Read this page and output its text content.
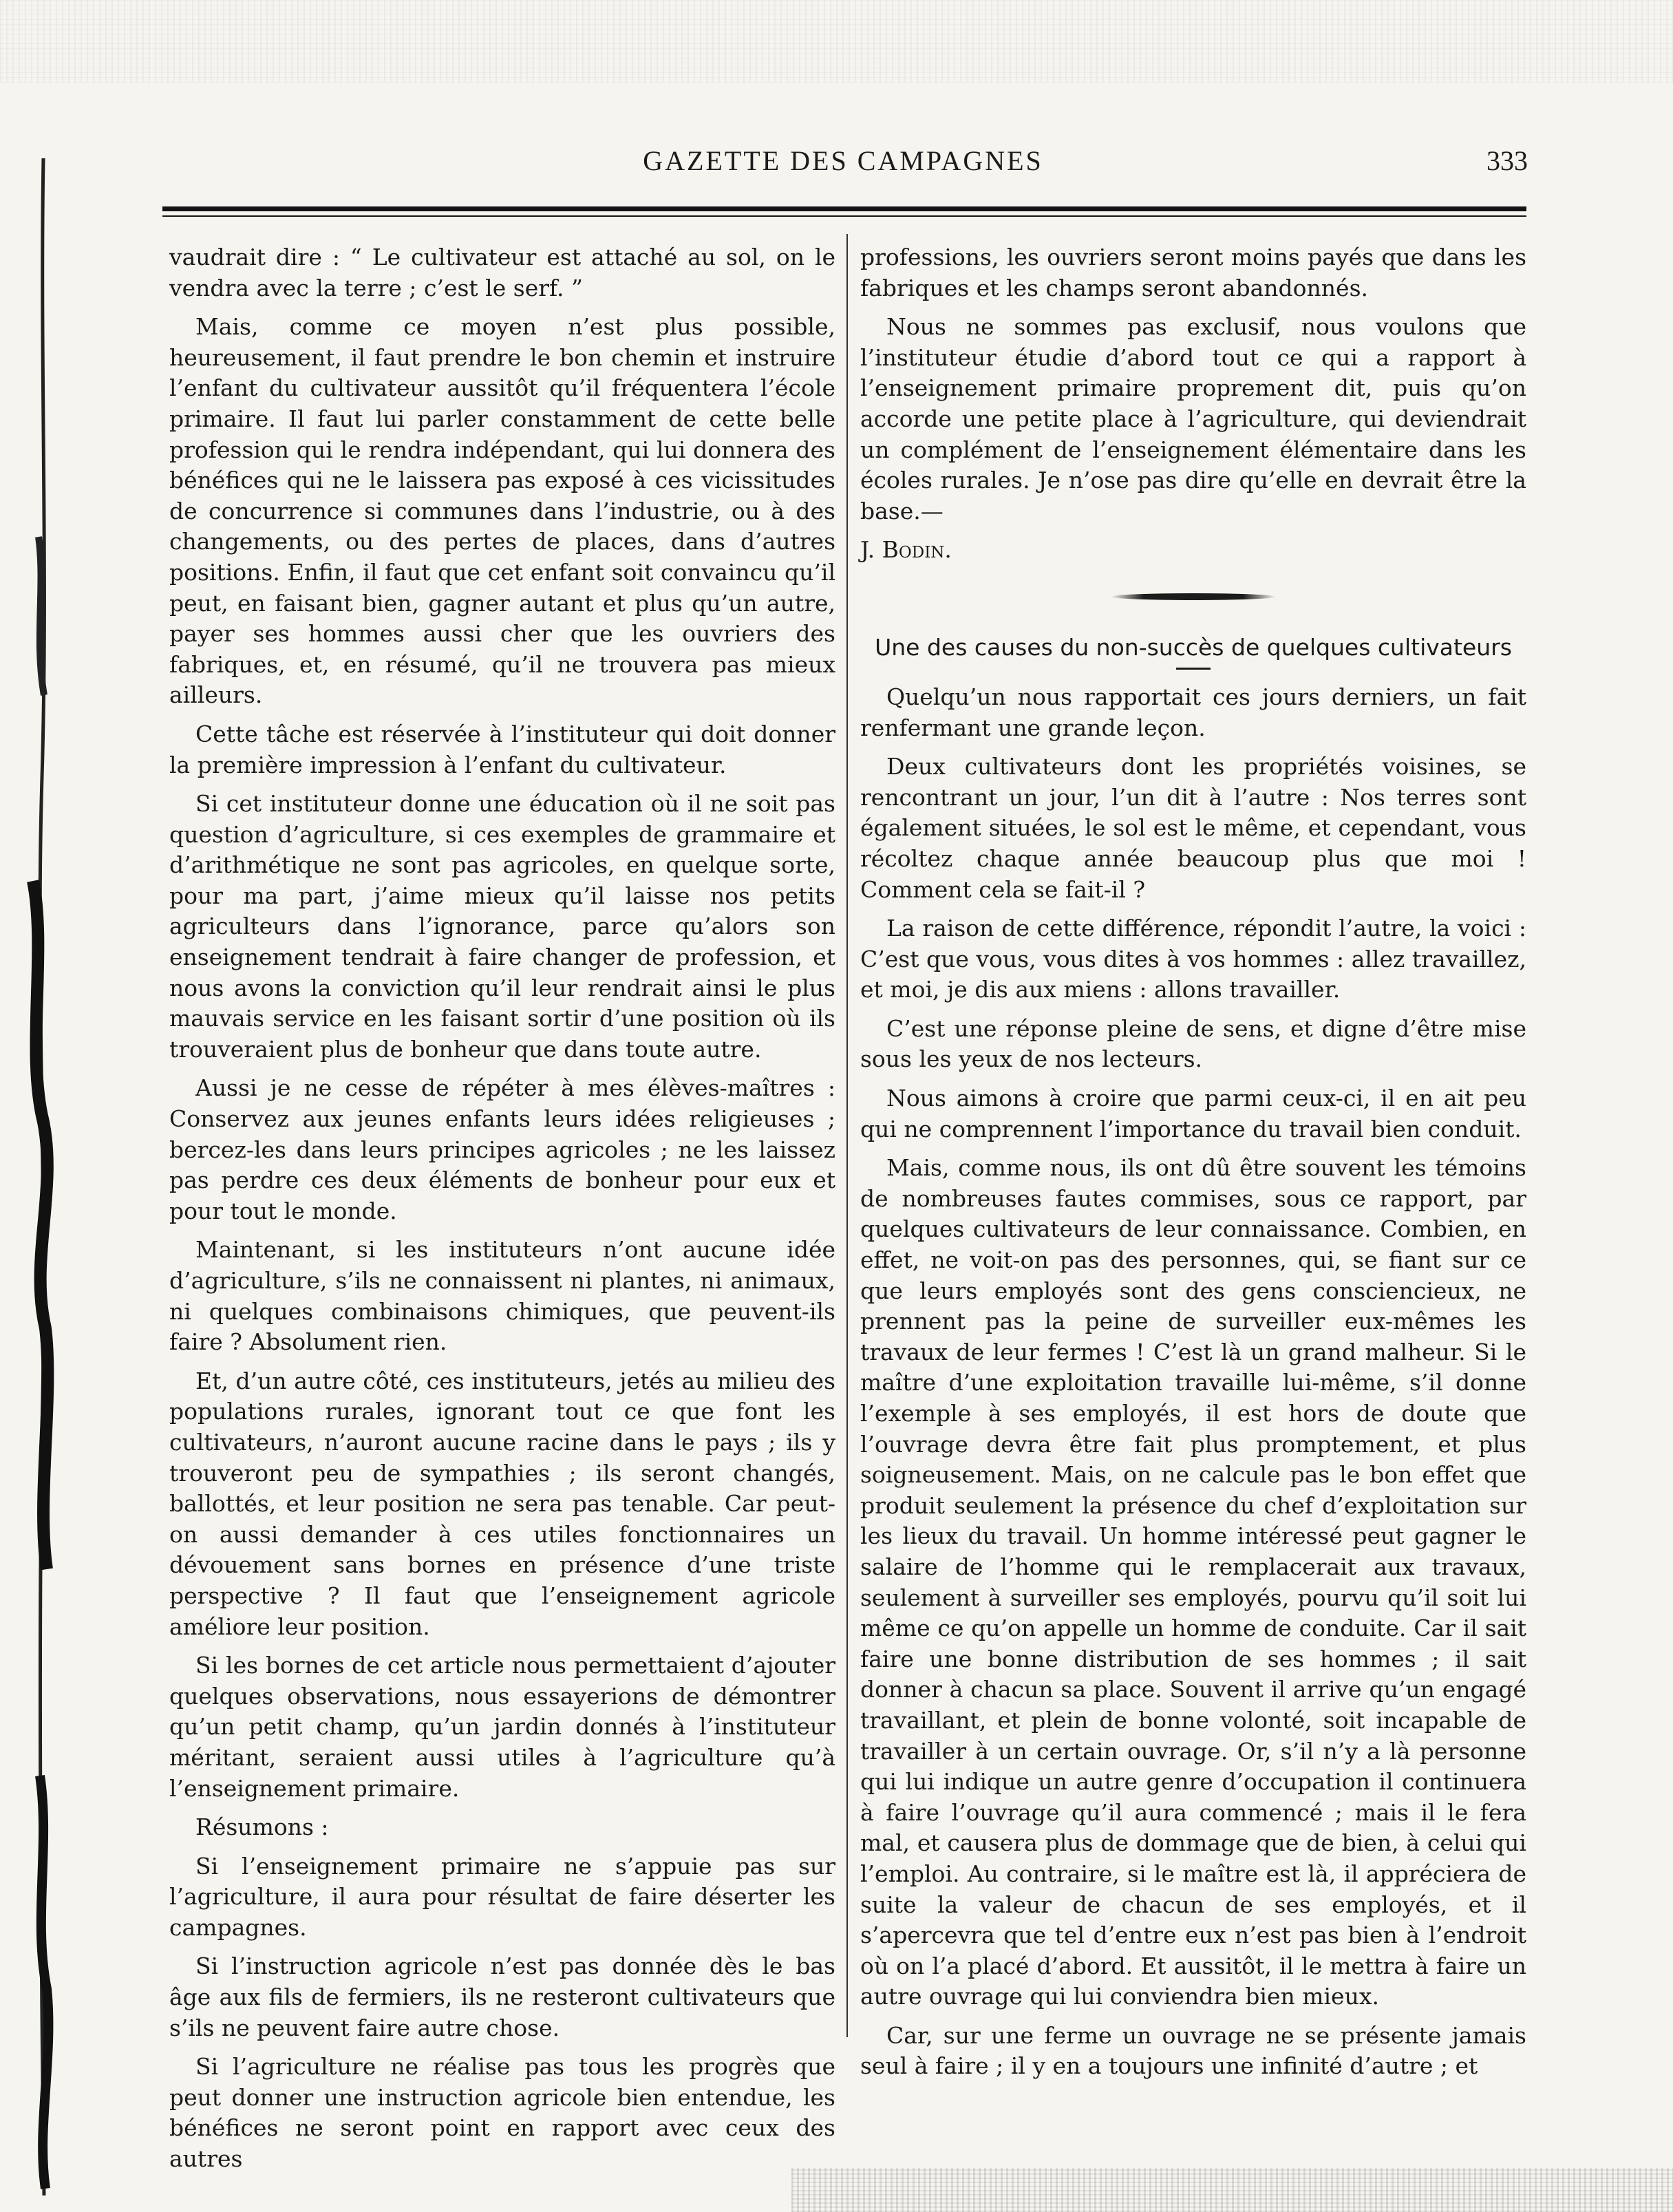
GAZETTE DES CAMPAGNES	333

vaudrait dire : “ Le cultivateur est attaché au sol, on le vendra avec la terre ; c’est le serf. ”

Mais, comme ce moyen n’est plus possible, heureusement, il faut prendre le bon chemin et instruire l’enfant du cultivateur aussitôt qu’il fréquentera l’école primaire. Il faut lui parler constamment de cette belle profession qui le rendra indépendant, qui lui donnera des bénéfices qui ne le laissera pas exposé à ces vicissitudes de concurrence si communes dans l’industrie, ou à des changements, ou des pertes de places, dans d’autres positions. Enfin, il faut que cet enfant soit convaincu qu’il peut, en faisant bien, gagner autant et plus qu’un autre, payer ses hommes aussi cher que les ouvriers des fabriques, et, en résumé, qu’il ne trouvera pas mieux ailleurs.

Cette tâche est réservée à l’instituteur qui doit donner la première impression à l’enfant du cultivateur.

Si cet instituteur donne une éducation où il ne soit pas question d’agriculture, si ces exemples de grammaire et d’arithmétique ne sont pas agricoles, en quelque sorte, pour ma part, j’aime mieux qu’il laisse nos petits agriculteurs dans l’ignorance, parce qu’alors son enseignement tendrait à faire changer de profession, et nous avons la conviction qu’il leur rendrait ainsi le plus mauvais service en les faisant sortir d’une position où ils trouveraient plus de bonheur que dans toute autre.

Aussi je ne cesse de répéter à mes élèves-maîtres : Conservez aux jeunes enfants leurs idées religieuses ; bercez-les dans leurs principes agricoles ; ne les laissez pas perdre ces deux éléments de bonheur pour eux et pour tout le monde.

Maintenant, si les instituteurs n’ont aucune idée d’agriculture, s’ils ne connaissent ni plantes, ni animaux, ni quelques combinaisons chimiques, que peuvent-ils faire ? Absolument rien.

Et, d’un autre côté, ces instituteurs, jetés au milieu des populations rurales, ignorant tout ce que font les cultivateurs, n’auront aucune racine dans le pays ; ils y trouveront peu de sympathies ; ils seront changés, ballottés, et leur position ne sera pas tenable. Car peut-on aussi demander à ces utiles fonctionnaires un dévouement sans bornes en présence d’une triste perspective ? Il faut que l’enseignement agricole améliore leur position.

Si les bornes de cet article nous permettaient d’ajouter quelques observations, nous essayerions de démontrer qu’un petit champ, qu’un jardin donnés à l’instituteur méritant, seraient aussi utiles à l’agriculture qu’à l’enseignement primaire.

Résumons :

Si l’enseignement primaire ne s’appuie pas sur l’agriculture, il aura pour résultat de faire déserter les campagnes.

Si l’instruction agricole n’est pas donnée dès le bas âge aux fils de fermiers, ils ne resteront cultivateurs que s’ils ne peuvent faire autre chose.

Si l’agriculture ne réalise pas tous les progrès que peut donner une instruction agricole bien entendue, les bénéfices ne seront point en rapport avec ceux des autres

professions, les ouvriers seront moins payés que dans les fabriques et les champs seront abandonnés.

Nous ne sommes pas exclusif, nous voulons que l’instituteur étudie d’abord tout ce qui a rapport à l’enseignement primaire proprement dit, puis qu’on accorde une petite place à l’agriculture, qui deviendrait un complément de l’enseignement élémentaire dans les écoles rurales. Je n’ose pas dire qu’elle en devrait être la base.—

J. Bodin.

Une des causes du non-succès de quelques cultivateurs

Quelqu’un nous rapportait ces jours derniers, un fait renfermant une grande leçon.

Deux cultivateurs dont les propriétés voisines, se rencontrant un jour, l’un dit à l’autre : Nos terres sont également situées, le sol est le même, et cependant, vous récoltez chaque année beaucoup plus que moi ! Comment cela se fait-il ?

La raison de cette différence, répondit l’autre, la voici : C’est que vous, vous dites à vos hommes : allez travaillez, et moi, je dis aux miens : allons travailler.

C’est une réponse pleine de sens, et digne d’être mise sous les yeux de nos lecteurs.

Nous aimons à croire que parmi ceux-ci, il en ait peu qui ne comprennent l’importance du travail bien conduit.

Mais, comme nous, ils ont dû être souvent les témoins de nombreuses fautes commises, sous ce rapport, par quelques cultivateurs de leur connaissance. Combien, en effet, ne voit-on pas des personnes, qui, se fiant sur ce que leurs employés sont des gens consciencieux, ne prennent pas la peine de surveiller eux-mêmes les travaux de leur fermes ! C’est là un grand malheur. Si le maître d’une exploitation travaille lui-même, s’il donne l’exemple à ses employés, il est hors de doute que l’ouvrage devra être fait plus promptement, et plus soigneusement. Mais, on ne calcule pas le bon effet que produit seulement la présence du chef d’exploitation sur les lieux du travail. Un homme intéressé peut gagner le salaire de l’homme qui le remplacerait aux travaux, seulement à surveiller ses employés, pourvu qu’il soit lui même ce qu’on appelle un homme de conduite. Car il sait faire une bonne distribution de ses hommes ; il sait donner à chacun sa place. Souvent il arrive qu’un engagé travaillant, et plein de bonne volonté, soit incapable de travailler à un certain ouvrage. Or, s’il n’y a là personne qui lui indique un autre genre d’occupation il continuera à faire l’ouvrage qu’il aura commencé ; mais il le fera mal, et causera plus de dommage que de bien, à celui qui l’emploi. Au contraire, si le maître est là, il appréciera de suite la valeur de chacun de ses employés, et il s’apercevra que tel d’entre eux n’est pas bien à l’endroit où on l’a placé d’abord. Et aussitôt, il le mettra à faire un autre ouvrage qui lui conviendra bien mieux.

Car, sur une ferme un ouvrage ne se présente jamais seul à faire ; il y en a toujours une infinité d’autre ; et
